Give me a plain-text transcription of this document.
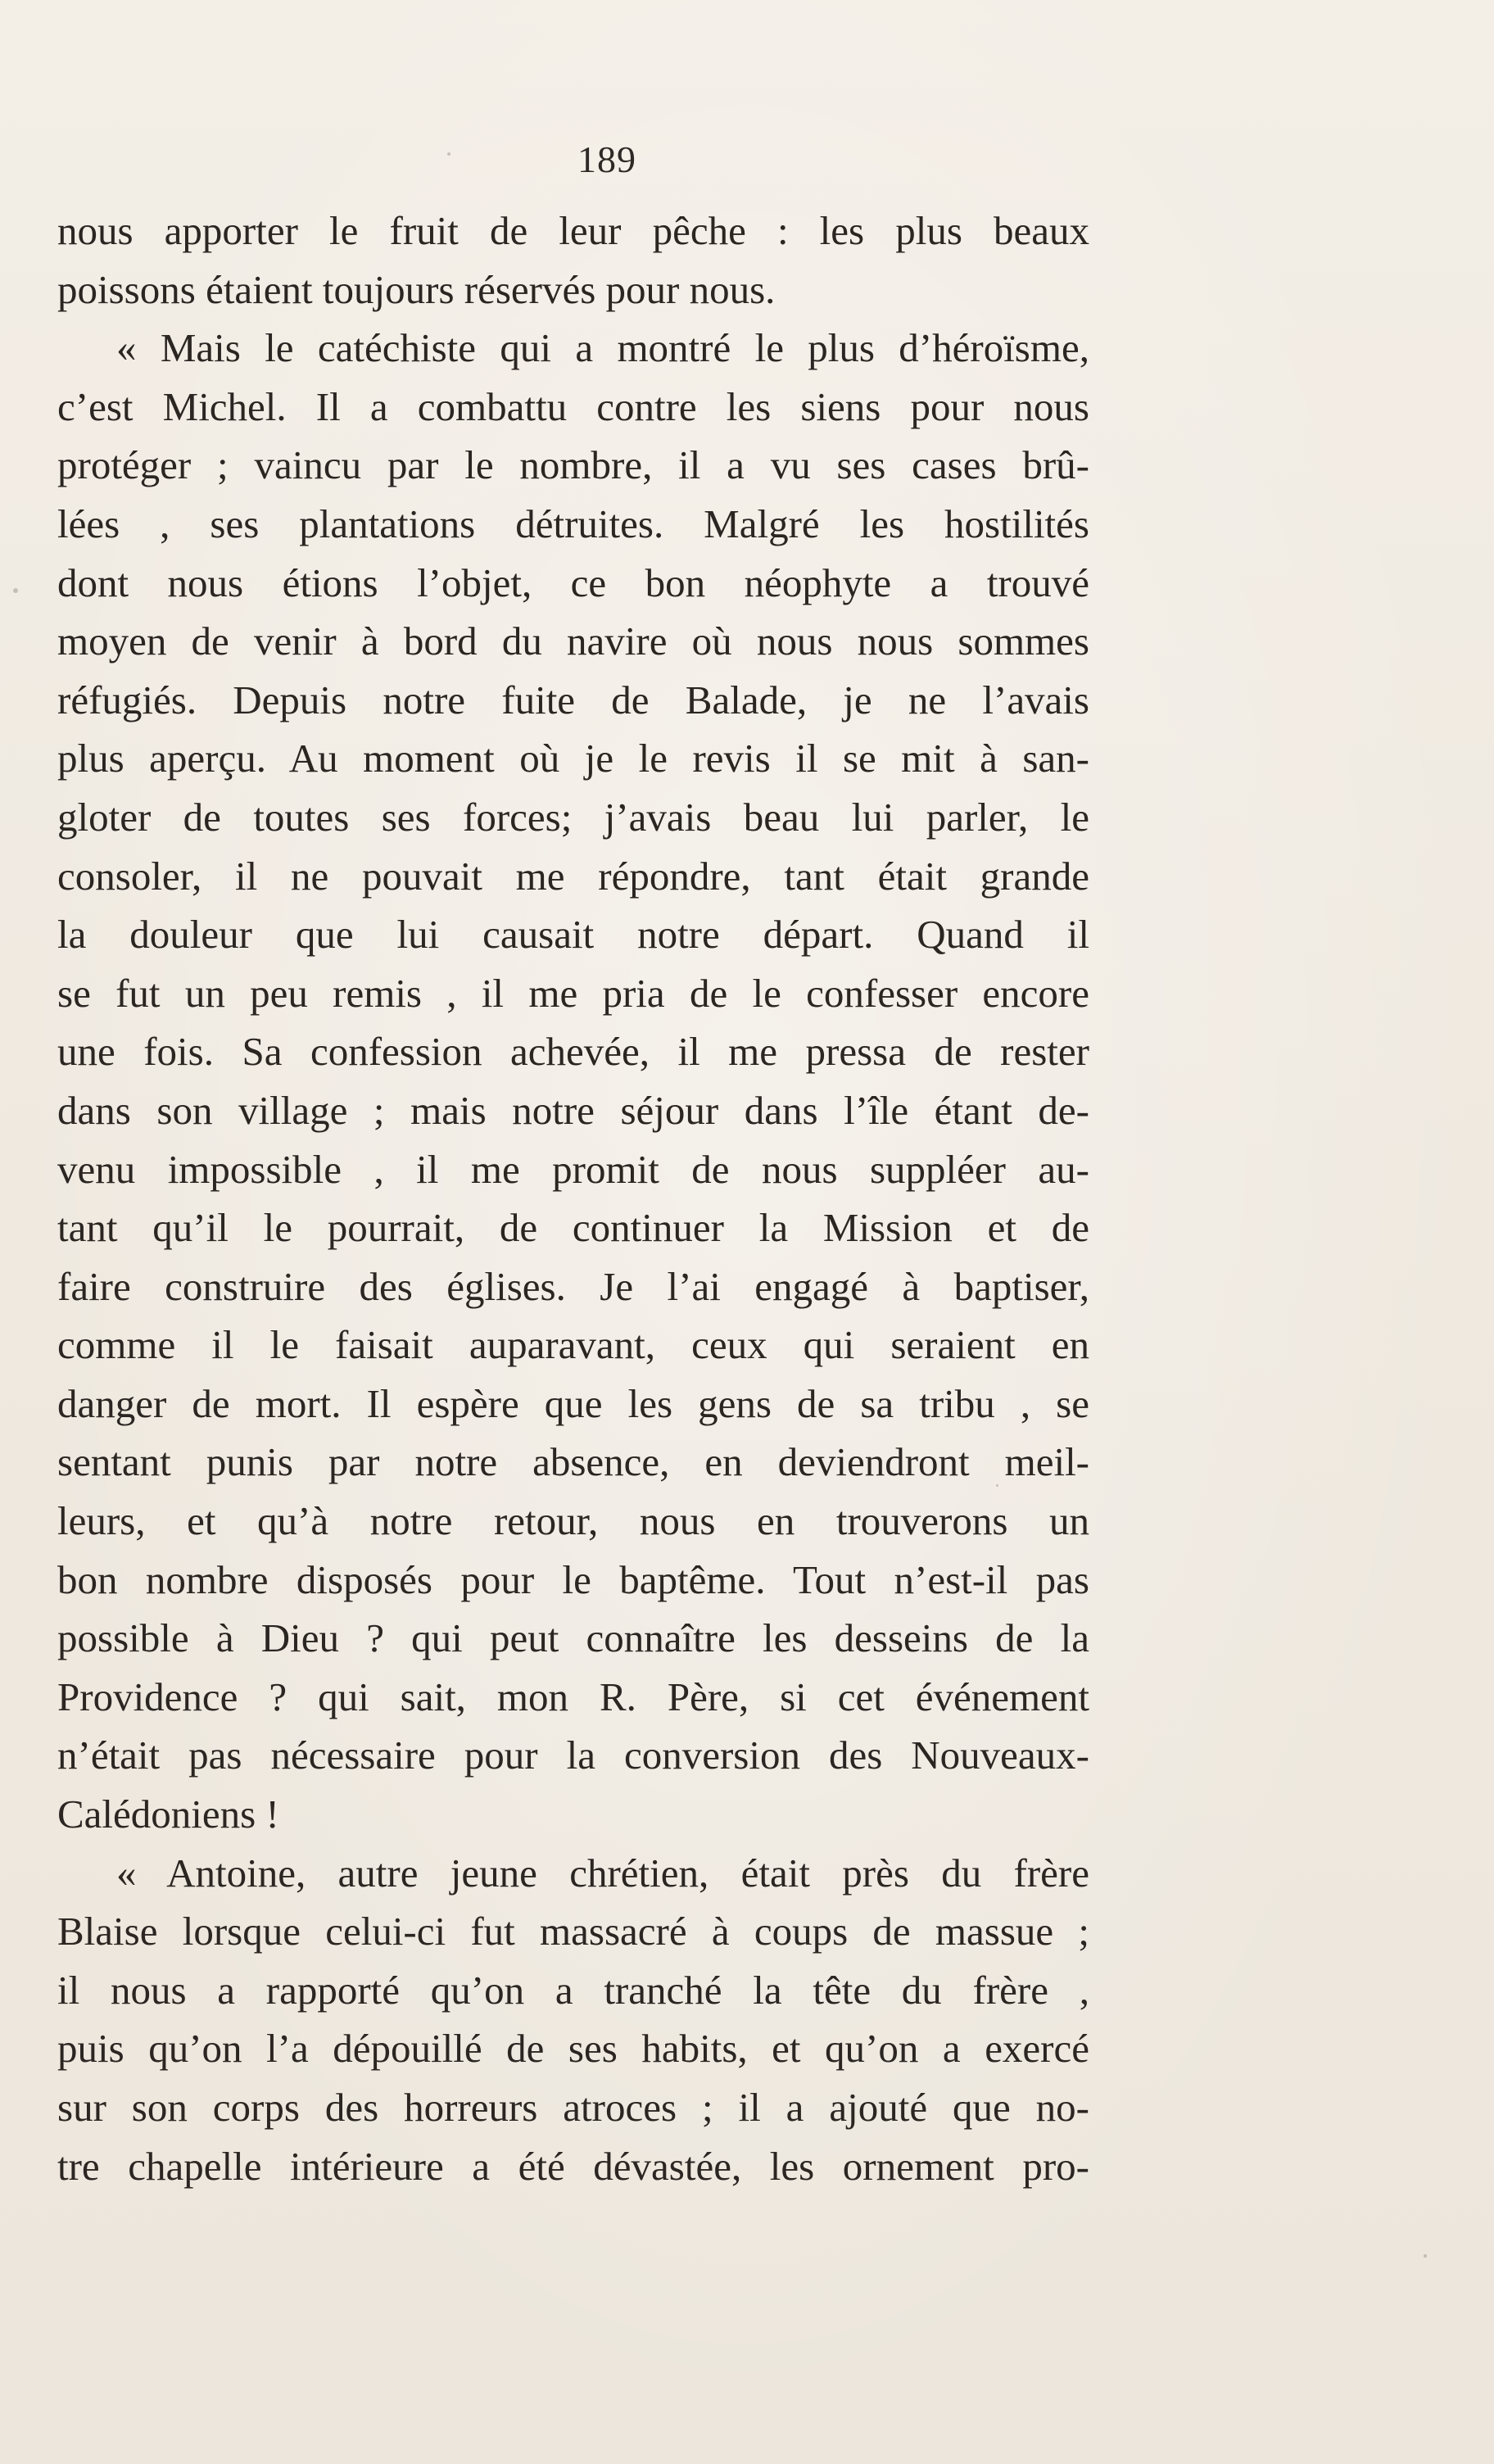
189
nous apporter le fruit de leur pêche : les plus beaux
poissons étaient toujours réservés pour nous.
« Mais le catéchiste qui a montré le plus d’héroïsme,
c’est Michel. Il a combattu contre les siens pour nous
protéger ; vaincu par le nombre, il a vu ses cases brû-
lées , ses plantations détruites. Malgré les hostilités
dont nous étions l’objet, ce bon néophyte a trouvé
moyen de venir à bord du navire où nous nous sommes
réfugiés. Depuis notre fuite de Balade, je ne l’avais
plus aperçu. Au moment où je le revis il se mit à san-
gloter de toutes ses forces; j’avais beau lui parler, le
consoler, il ne pouvait me répondre, tant était grande
la douleur que lui causait notre départ. Quand il
se fut un peu remis , il me pria de le confesser encore
une fois. Sa confession achevée, il me pressa de rester
dans son village ; mais notre séjour dans l’île étant de-
venu impossible , il me promit de nous suppléer au-
tant qu’il le pourrait, de continuer la Mission et de
faire construire des églises. Je l’ai engagé à baptiser,
comme il le faisait auparavant, ceux qui seraient en
danger de mort. Il espère que les gens de sa tribu , se
sentant punis par notre absence, en deviendront meil-
leurs, et qu’à notre retour, nous en trouverons un
bon nombre disposés pour le baptême. Tout n’est-il pas
possible à Dieu ? qui peut connaître les desseins de la
Providence ? qui sait, mon R. Père, si cet événement
n’était pas nécessaire pour la conversion des Nouveaux-
Calédoniens !
« Antoine, autre jeune chrétien, était près du frère
Blaise lorsque celui-ci fut massacré à coups de massue ;
il nous a rapporté qu’on a tranché la tête du frère ,
puis qu’on l’a dépouillé de ses habits, et qu’on a exercé
sur son corps des horreurs atroces ; il a ajouté que no-
tre chapelle intérieure a été dévastée, les ornement pro-
